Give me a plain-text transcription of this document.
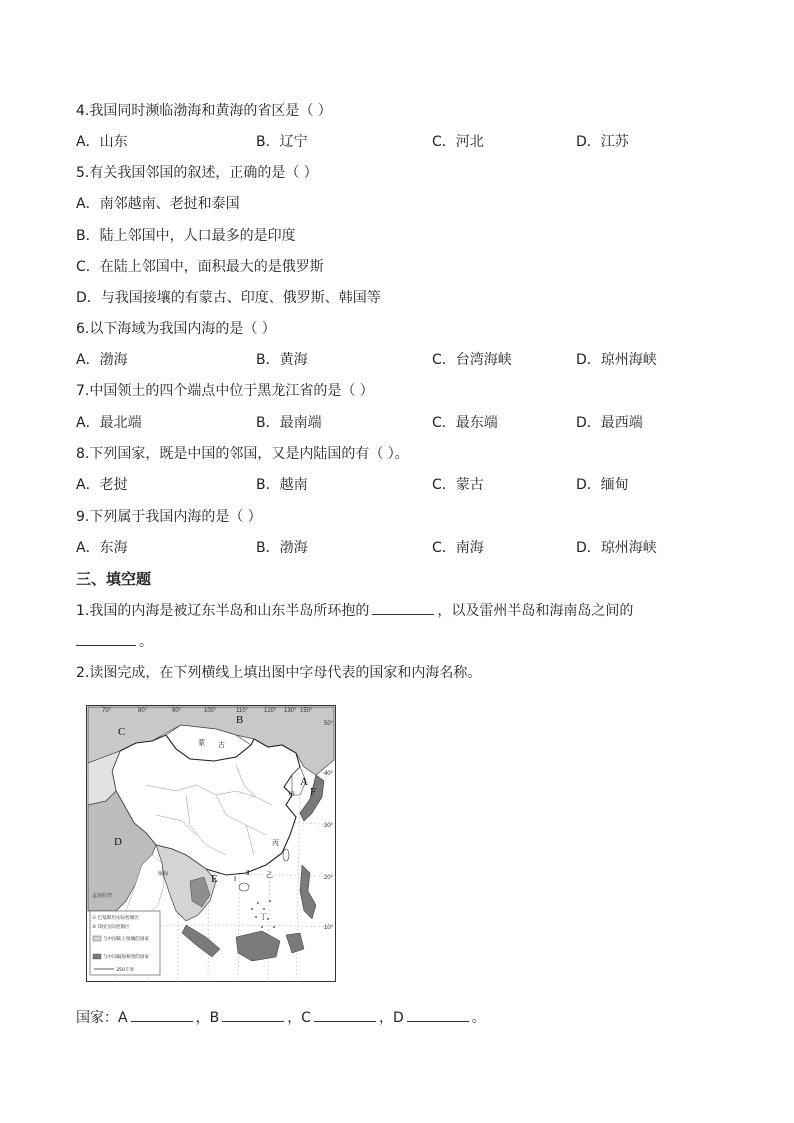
4.我国同时濒临渤海和黄海的省区是（ ）
A．山东	B．辽宁	C．河北	D．江苏
5.有关我国邻国的叙述，正确的是（ ）
A．南邻越南、老挝和泰国
B．陆上邻国中，人口最多的是印度
C．在陆上邻国中，面积最大的是俄罗斯
D．与我国接壤的有蒙古、印度、俄罗斯、韩国等
6.以下海域为我国内海的是（ ）
A．渤海	B．黄海	C．台湾海峡	D．琼州海峡
7.中国领土的四个端点中位于黑龙江省的是（ ）
A．最北端	B．最南端	C．最东端	D．最西端
8.下列国家，既是中国的邻国，又是内陆国的有（ ）。
A．老挝	B．越南	C．蒙古	D．缅甸
9.下列属于我国内海的是（ ）
A．东海	B．渤海	C．南海	D．琼州海峡
三、填空题
1.我国的内海是被辽东半岛和山东半岛所环抱的	，以及雷州半岛和海南岛之间的
。
2.读图完成，在下列横线上填出图中字母代表的国家和内海名称。
70°	80°	90°	100°	110°	120° 130° 150°
50°
40°
30°
20°
10°
A
B
C
D
E
F
蒙 古
甲
丙
丁
乙
Ⅰ
Ⅱ
孟加拉湾
缅甸
① 巴基斯坦实际控制区
② 印度实际控制区
与中国陆上接壤的国家
与中国隔海相望的国家
350千米
国家：A	，B	，C	，D	。
